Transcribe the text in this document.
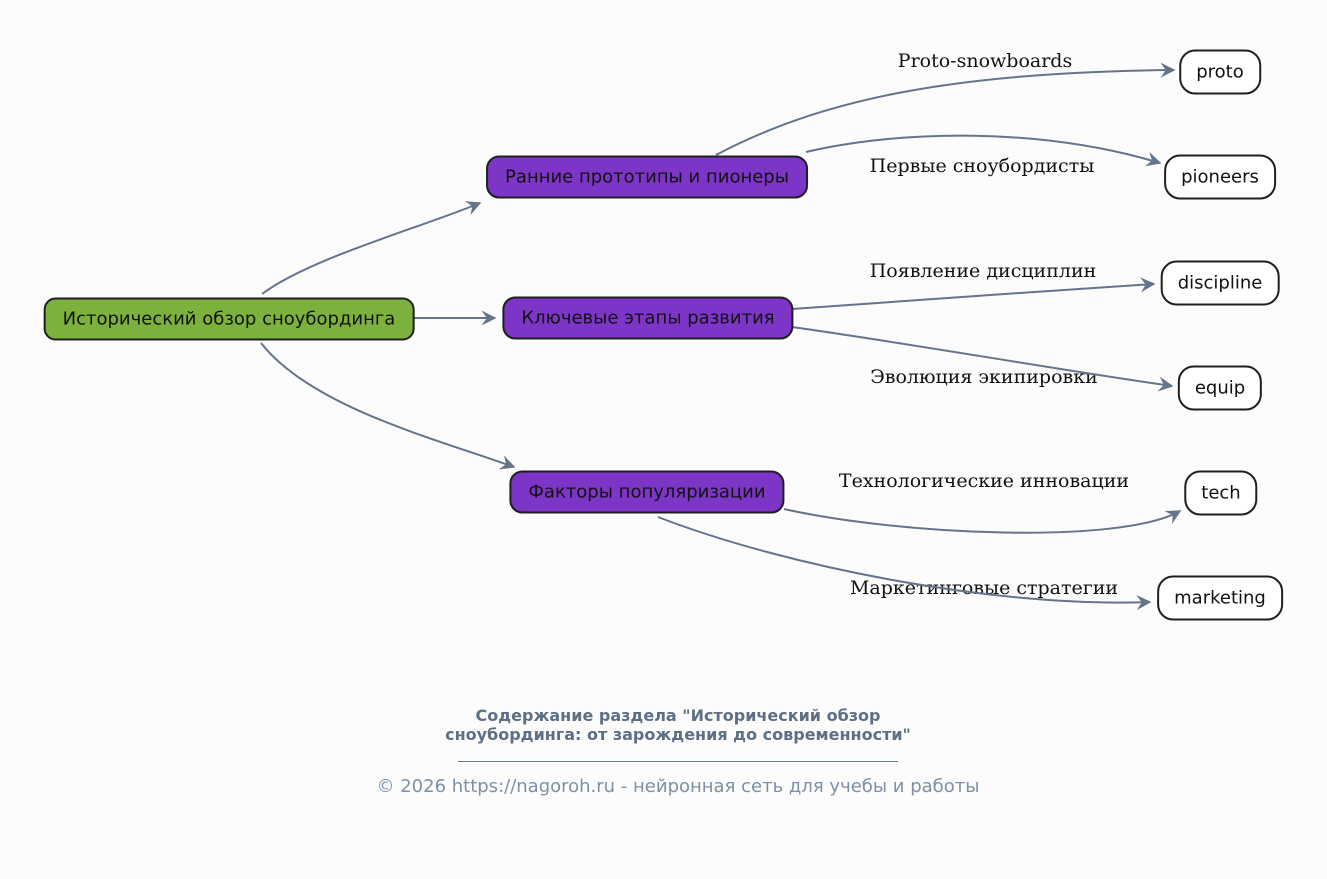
Proto-snowboards
Первые сноубордисты
Появление дисциплин
Эволюция экипировки
Технологические инновации
Маркетинговые стратегии
Исторический обзор сноубординга
Ранние прототипы и пионеры
Ключевые этапы развития
Факторы популяризации
proto
pioneers
discipline
equip
tech
marketing
Содержание раздела "Исторический обзор
сноубординга: от зарождения до современности"
© 2026 https://nagoroh.ru - нейронная сеть для учебы и работы
